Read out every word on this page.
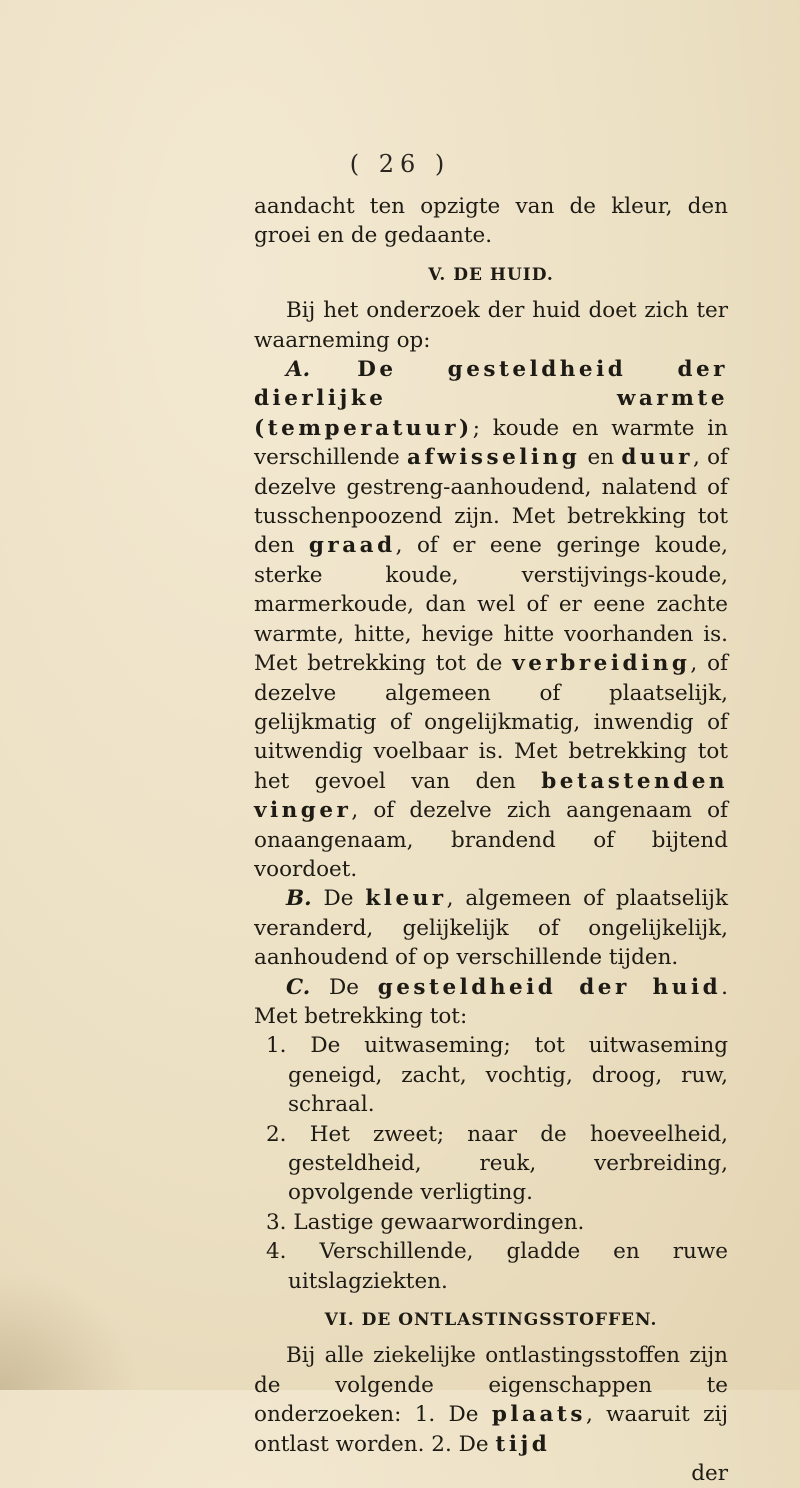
( 26 )

aandacht ten opzigte van de kleur, den groei en de gedaante.

V. DE HUID.

Bij het onderzoek der huid doet zich ter waarneming op:

A. De gesteldheid der dierlijke warmte (temperatuur); koude en warmte in verschillende afwisseling en duur, of dezelve gestreng-aanhoudend, nalatend of tusschenpoozend zijn. Met betrekking tot den graad, of er eene geringe koude, sterke koude, verstijvings-koude, marmerkoude, dan wel of er eene zachte warmte, hitte, hevige hitte voorhanden is. Met betrekking tot de verbreiding, of dezelve algemeen of plaatselijk, gelijkmatig of ongelijkmatig, inwendig of uitwendig voelbaar is. Met betrekking tot het gevoel van den betastenden vinger, of dezelve zich aangenaam of onaangenaam, brandend of bijtend voordoet.

B. De kleur, algemeen of plaatselijk veranderd, gelijkelijk of ongelijkelijk, aanhoudend of op verschillende tijden.

C. De gesteldheid der huid. Met betrekking tot:

1. De uitwaseming; tot uitwaseming geneigd, zacht, vochtig, droog, ruw, schraal.

2. Het zweet; naar de hoeveelheid, gesteldheid, reuk, verbreiding, opvolgende verligting.

3. Lastige gewaarwordingen.

4. Verschillende, gladde en ruwe uitslagziekten.

VI. DE ONTLASTINGSSTOFFEN.

Bij alle ziekelijke ontlastingsstoffen zijn de volgende eigenschappen te onderzoeken: 1. De plaats, waaruit zij ontlast worden. 2. De tijd

der
